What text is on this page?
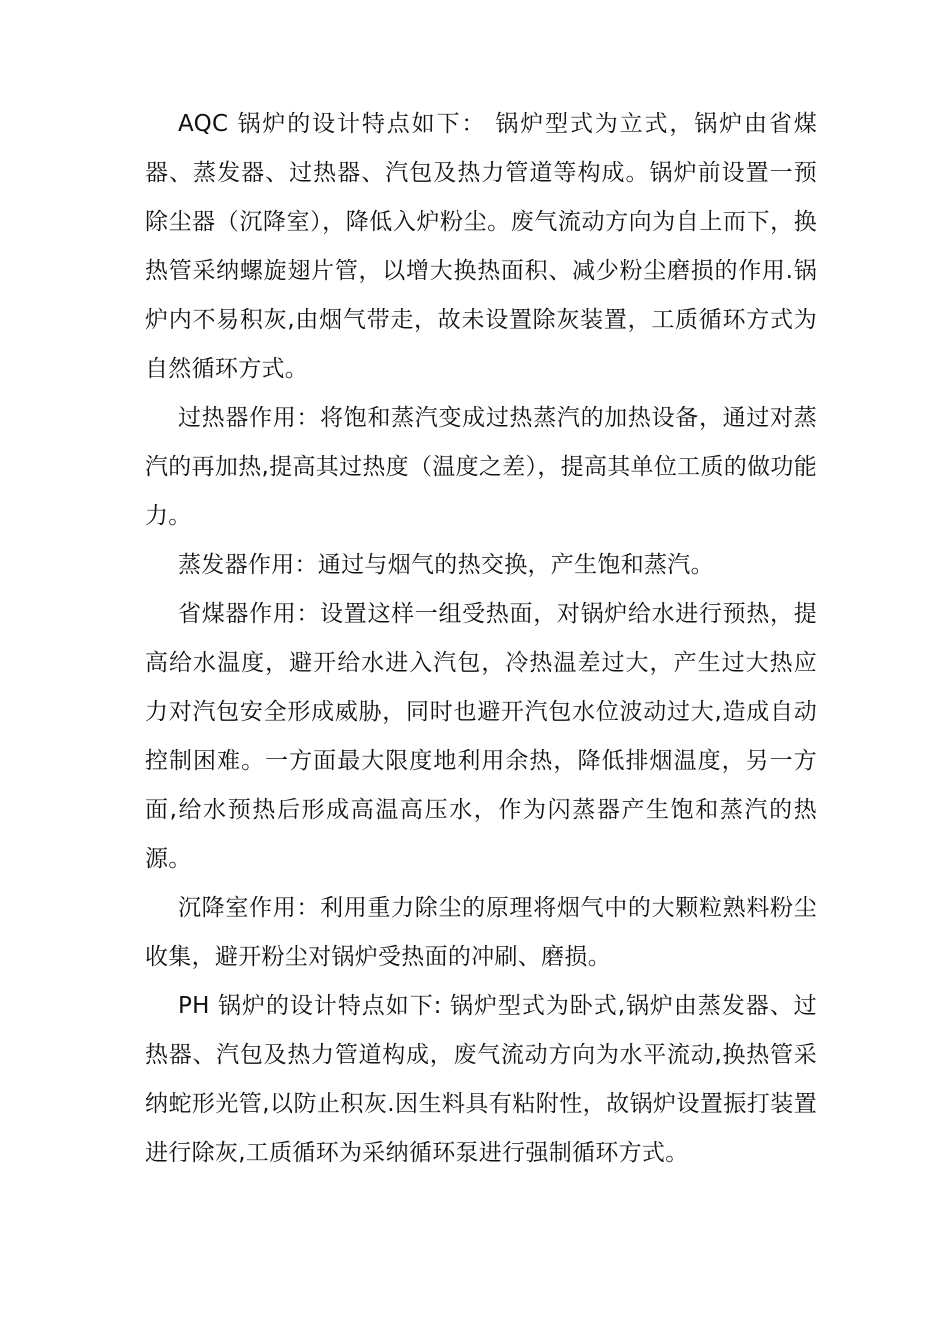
AQC 锅炉的设计特点如下： 锅炉型式为立式，锅炉由省煤器、蒸发器、过热器、汽包及热力管道等构成。锅炉前设置一预除尘器（沉降室），降低入炉粉尘。废气流动方向为自上而下，换热管采纳螺旋翅片管，以增大换热面积、减少粉尘磨损的作用.锅炉内不易积灰,由烟气带走，故未设置除灰装置，工质循环方式为自然循环方式。

过热器作用：将饱和蒸汽变成过热蒸汽的加热设备，通过对蒸汽的再加热,提高其过热度（温度之差），提高其单位工质的做功能力。

蒸发器作用：通过与烟气的热交换，产生饱和蒸汽。

省煤器作用：设置这样一组受热面，对锅炉给水进行预热，提高给水温度，避开给水进入汽包，冷热温差过大，产生过大热应力对汽包安全形成威胁，同时也避开汽包水位波动过大,造成自动控制困难。一方面最大限度地利用余热，降低排烟温度，另一方面,给水预热后形成高温高压水，作为闪蒸器产生饱和蒸汽的热源。

沉降室作用：利用重力除尘的原理将烟气中的大颗粒熟料粉尘收集，避开粉尘对锅炉受热面的冲刷、磨损。

PH 锅炉的设计特点如下: 锅炉型式为卧式,锅炉由蒸发器、过热器、汽包及热力管道构成，废气流动方向为水平流动,换热管采纳蛇形光管,以防止积灰.因生料具有粘附性，故锅炉设置振打装置进行除灰,工质循环为采纳循环泵进行强制循环方式。
